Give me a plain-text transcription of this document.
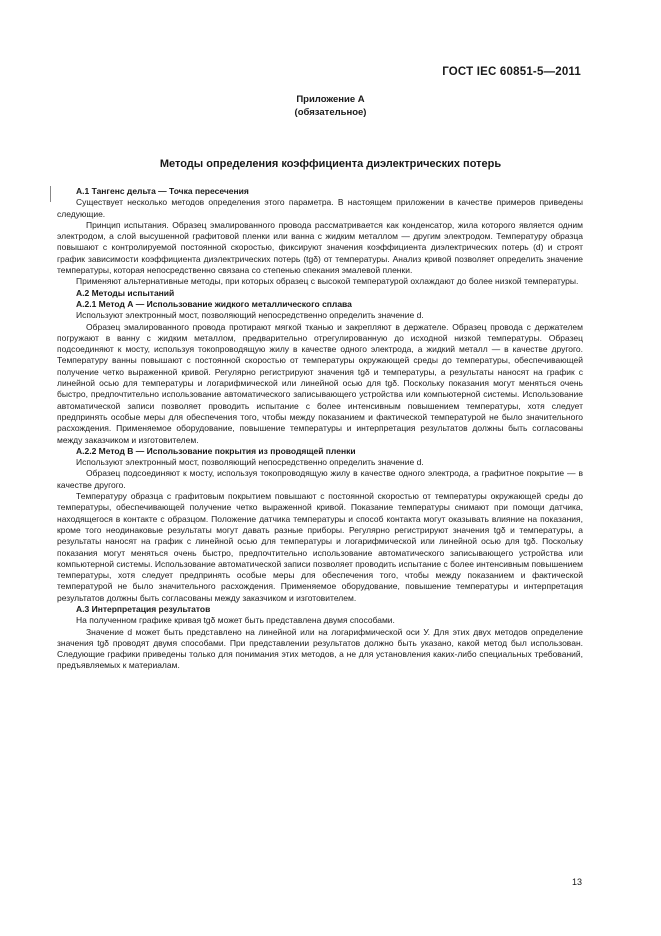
ГОСТ IEC 60851-5—2011
Приложение А
(обязательное)
Методы определения коэффициента диэлектрических потерь

А.1 Тангенс дельта — Точка пересечения

Существует несколько методов определения этого параметра. В настоящем приложении в качестве примеров приведены следующие.

Принцип испытания. Образец эмалированного провода рассматривается как конденсатор, жила которого является одним электродом, а слой высушенной графитовой пленки или ванна с жидким металлом — другим электродом. Температуру образца повышают с контролируемой постоянной скоростью, фиксируют значения коэффициента диэлектрических потерь (d) и строят график зависимости коэффициента диэлектрических потерь (tgδ) от температуры. Анализ кривой позволяет определить значение температуры, которая непосредственно связана со степенью спекания эмалевой пленки.

Применяют альтернативные методы, при которых образец с высокой температурой охлаждают до более низкой температуры.

А.2 Методы испытаний

А.2.1 Метод А — Использование жидкого металлического сплава

Используют электронный мост, позволяющий непосредственно определить значение d.

Образец эмалированного провода протирают мягкой тканью и закрепляют в держателе. Образец провода с держателем погружают в ванну с жидким металлом, предварительно отрегулированную до исходной низкой температуры. Образец подсоединяют к мосту, используя токопроводящую жилу в качестве одного электрода, а жидкий металл — в качестве другого. Температуру ванны повышают с постоянной скоростью от температуры окружающей среды до температуры, обеспечивающей получение четко выраженной кривой. Регулярно регистрируют значения tgδ и температуры, а результаты наносят на график с линейной осью для температуры и логарифмической или линейной осью для tgδ. Поскольку показания могут меняться очень быстро, предпочтительно использование автоматического записывающего устройства или компьютерной системы. Использование автоматической записи позволяет проводить испытание с более интенсивным повышением температуры, хотя следует предпринять особые меры для обеспечения того, чтобы между показанием и фактической температурой не было значительного расхождения. Применяемое оборудование, повышение температуры и интерпретация результатов должны быть согласованы между заказчиком и изготовителем.

А.2.2 Метод В — Использование покрытия из проводящей пленки

Используют электронный мост, позволяющий непосредственно определить значение d.

Образец подсоединяют к мосту, используя токопроводящую жилу в качестве одного электрода, а графитное покрытие — в качестве другого.

Температуру образца с графитовым покрытием повышают с постоянной скоростью от температуры окружающей среды до температуры, обеспечивающей получение четко выраженной кривой. Показание температуры снимают при помощи датчика, находящегося в контакте с образцом. Положение датчика температуры и способ контакта могут оказывать влияние на показания, кроме того неодинаковые результаты могут давать разные приборы. Регулярно регистрируют значения tgδ и температуры, а результаты наносят на график с линейной осью для температуры и логарифмической или линейной осью для tgδ. Поскольку показания могут меняться очень быстро, предпочтительно использование автоматического записывающего устройства или компьютерной системы. Использование автоматической записи позволяет проводить испытание с более интенсивным повышением температуры, хотя следует предпринять особые меры для обеспечения того, чтобы между показанием и фактической температурой не было значительного расхождения. Применяемое оборудование, повышение температуры и интерпретация результатов должны быть согласованы между заказчиком и изготовителем.

А.3 Интерпретация результатов

На полученном графике кривая tgδ может быть представлена двумя способами.

Значение d может быть представлено на линейной или на логарифмической оси У. Для этих двух методов определение значения tgδ проводят двумя способами. При представлении результатов должно быть указано, какой метод был использован. Следующие графики приведены только для понимания этих методов, а не для установления каких-либо специальных требований, предъявляемых к материалам.

13
